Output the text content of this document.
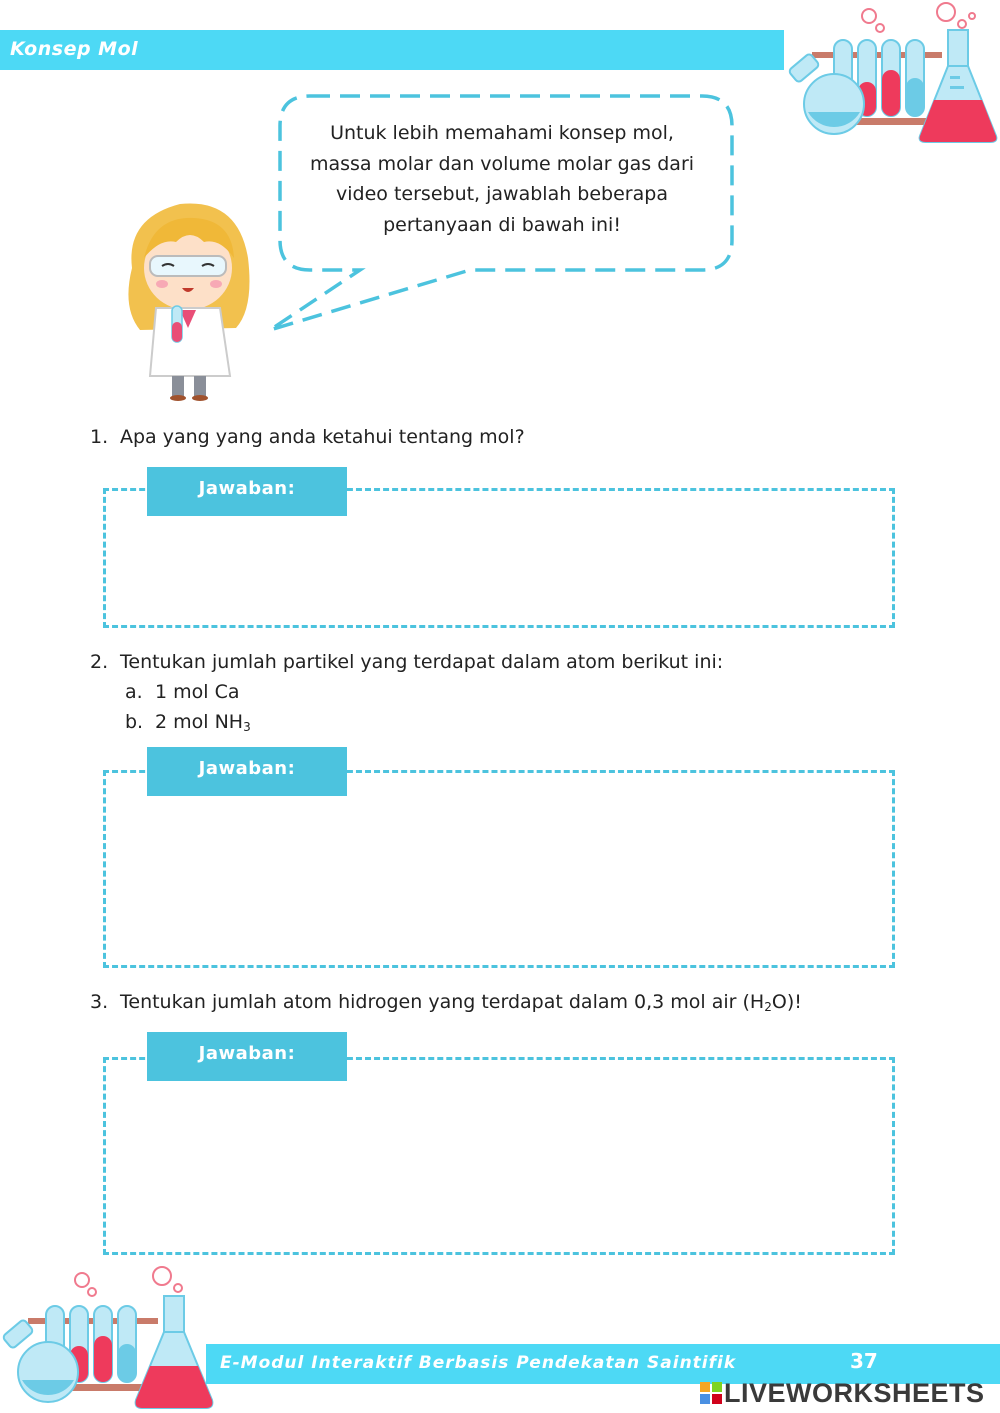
Konsep Mol
Untuk lebih memahami konsep mol,
massa molar dan volume molar gas dari
video tersebut, jawablah beberapa
pertanyaan di bawah ini!
1. Apa yang yang anda ketahui tentang mol?
Jawaban:
2. Tentukan jumlah partikel yang terdapat dalam atom berikut ini:
a. 1 mol Ca
b. 2 mol $NH_3$
Jawaban:
3. Tentukan jumlah atom hidrogen yang terdapat dalam 0,3 mol air $(H_2O)$!
Jawaban:
E-Modul Interaktif Berbasis Pendekatan Saintifik	37
LIVEWORKSHEETS
